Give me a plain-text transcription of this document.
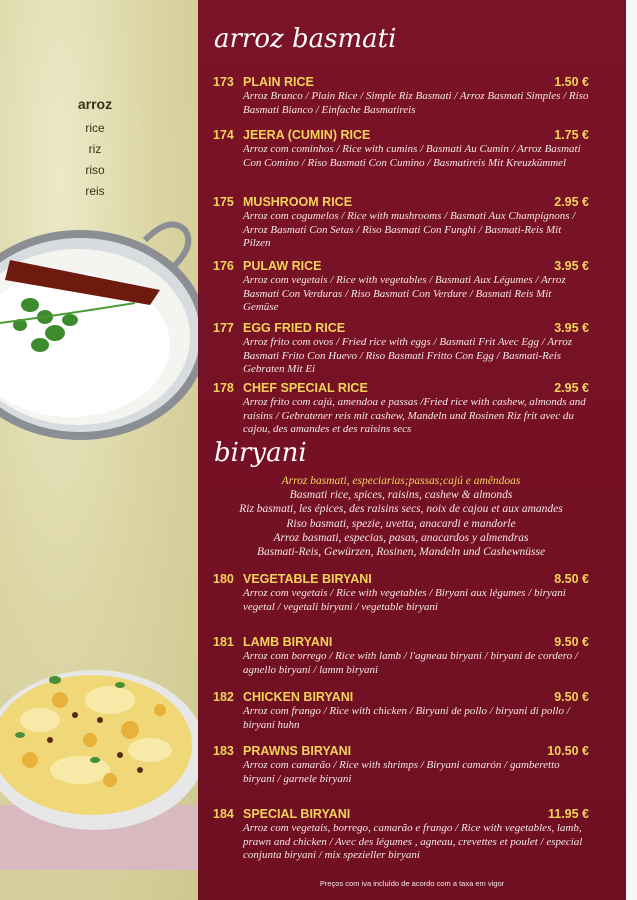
arroz
rice
riz
riso
reis
arroz basmati
173 PLAIN RICE	1.50 €
Arroz Branco / Plain Rice / Simple Riz Basmati / Arroz Basmati Simples / Riso Basmati Bianco / Einfache Basmatireis
174 JEERA (CUMIN) RICE	1.75 €
Arroz com cominhos / Rice with cumins / Basmati Au Cumin / Arroz Basmati Con Comino / Riso Basmati Con Cumino / Basmatireis Mit Kreuzkümmel
175 MUSHROOM RICE	2.95 €
Arroz com cogumelos / Rice with mushrooms / Basmati Aux Champignons / Arroz Basmati Con Setas / Riso Basmati Con Funghi / Basmati-Reis Mit Pilzen
176 PULAW RICE	3.95 €
Arroz com vegetais / Rice with vegetables / Basmati Aux Légumes / Arroz Basmati Con Verduras / Riso Basmati Con Verdure / Basmati Reis Mit Gemüse
177 EGG FRIED RICE	3.95 €
Arroz frito com ovos / Fried rice with eggs / Basmati Frit Avec Egg / Arroz Basmati Frito Con Huevo / Riso Basmati Fritto Con Egg / Basmati-Reis Gebraten Mit Ei
178 CHEF SPECIAL RICE	2.95 €
Arroz frito com cajú, amendoa e passas /Fried rice with cashew, almonds and raisins / Gebratener reis mit cashew, Mandeln und Rosinen Riz frit avec du cajou, des amandes et des raisins secs
biryani
Arroz basmati, especiarias;passas;cajú e amêndoas
Basmati rice, spices, raisins, cashew & almonds
Riz basmati, les épices, des raisins secs, noix de cajou et aux amandes
Riso basmati, spezie, uvetta, anacardi e mandorle
Arroz basmati, especias, pasas, anacardos y almendras
Basmati-Reis, Gewürzen, Rosinen, Mandeln und Cashewnüsse
180 VEGETABLE BIRYANI	8.50 €
Arroz com vegetais / Rice with vegetables / Biryani aux légumes / biryani vegetal / vegetali biryani / vegetable biryani
181 LAMB BIRYANI	9.50 €
Arroz com borrego / Rice with lamb / l'agneau biryani / biryani de cordero / agnello biryani / lamm biryani
182 CHICKEN BIRYANI	9.50 €
Arroz com frango / Rice with chicken / Biryani de pollo / biryani di pollo / biryani huhn
183 PRAWNS BIRYANI	10.50 €
Arroz com camarão / Rice with shrimps / Biryani camarón / gamberetto biryani / garnele biryani
184 SPECIAL BIRYANI	11.95 €
Arroz com vegetais, borrego, camarão e frango / Rice with vegetables, lamb, prawn and chicken / Avec des légumes , agneau, crevettes et poulet / especial conjunta biryani / mix spezieller biryani
Preços com iva incluído de acordo com a taxa em vigor
